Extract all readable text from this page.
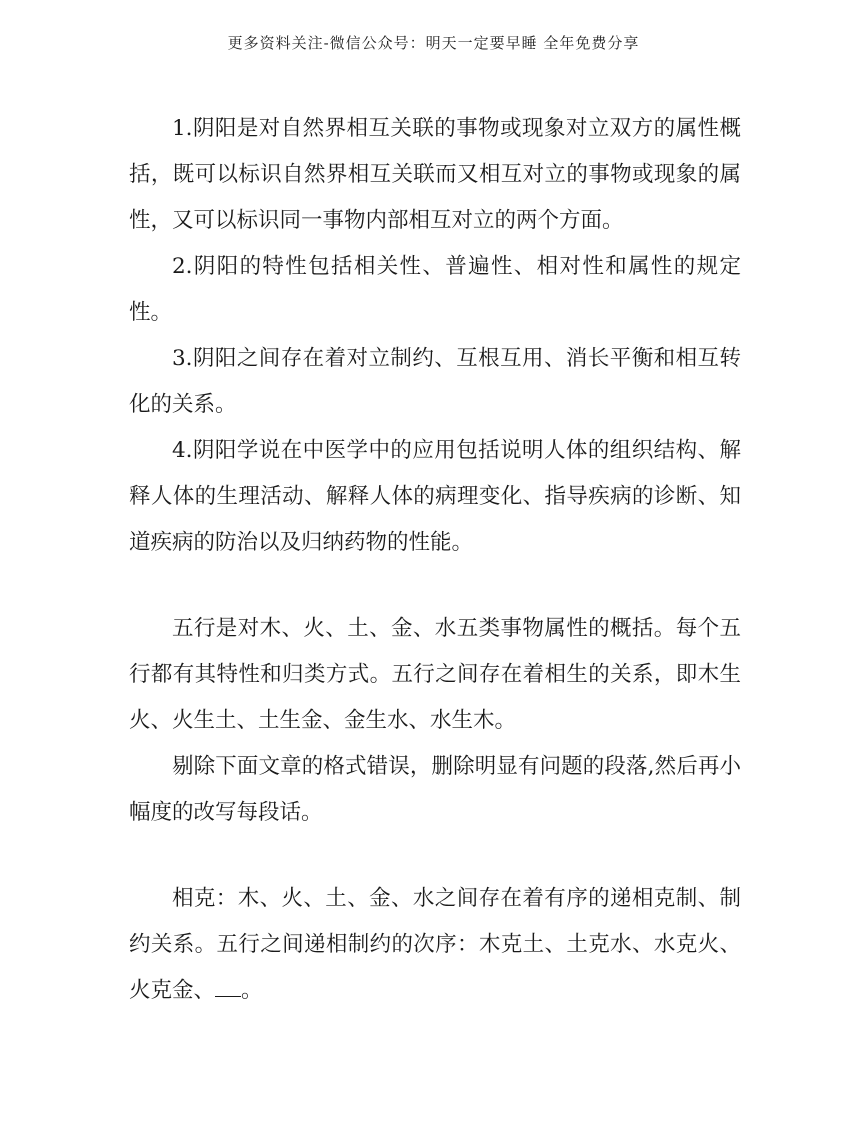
更多资料关注-微信公众号：明天一定要早睡 全年免费分享

1.阴阳是对自然界相互关联的事物或现象对立双方的属性概括，既可以标识自然界相互关联而又相互对立的事物或现象的属性，又可以标识同一事物内部相互对立的两个方面。

2.阴阳的特性包括相关性、普遍性、相对性和属性的规定性。

3.阴阳之间存在着对立制约、互根互用、消长平衡和相互转化的关系。

4.阴阳学说在中医学中的应用包括说明人体的组织结构、解释人体的生理活动、解释人体的病理变化、指导疾病的诊断、知道疾病的防治以及归纳药物的性能。

五行是对木、火、土、金、水五类事物属性的概括。每个五行都有其特性和归类方式。五行之间存在着相生的关系，即木生火、火生土、土生金、金生水、水生木。

剔除下面文章的格式错误，删除明显有问题的段落,然后再小幅度的改写每段话。

相克：木、火、土、金、水之间存在着有序的递相克制、制约关系。五行之间递相制约的次序：木克土、土克水、水克火、火克金、 。
